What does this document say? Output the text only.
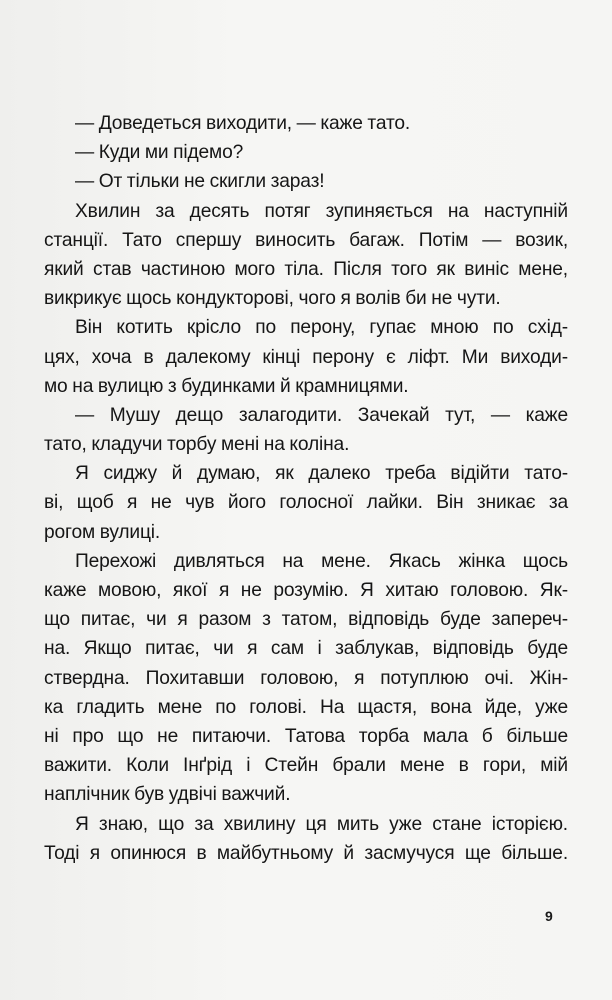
— Доведеться виходити, — каже тато.
— Куди ми підемо?
— От тільки не скигли зараз!
Хвилин за десять потяг зупиняється на наступній
станції. Тато спершу виносить багаж. Потім — возик,
який став частиною мого тіла. Після того як виніс мене,
викрикує щось кондукторові, чого я волів би не чути.
Він котить крісло по перону, гупає мною по схід-
цях, хоча в далекому кінці перону є ліфт. Ми виходи-
мо на вулицю з будинками й крамницями.
— Мушу дещо залагодити. Зачекай тут, — каже
тато, кладучи торбу мені на коліна.
Я сиджу й думаю, як далеко треба відійти тато-
ві, щоб я не чув його голосної лайки. Він зникає за
рогом вулиці.
Перехожі дивляться на мене. Якась жінка щось
каже мовою, якої я не розумію. Я хитаю головою. Як-
що питає, чи я разом з татом, відповідь буде запереч-
на. Якщо питає, чи я сам і заблукав, відповідь буде
ствердна. Похитавши головою, я потуплюю очі. Жін-
ка гладить мене по голові. На щастя, вона йде, уже
ні про що не питаючи. Татова торба мала б більше
важити. Коли Інґрід і Стейн брали мене в гори, мій
наплічник був удвічі важчий.
Я знаю, що за хвилину ця мить уже стане історією.
Тоді я опинюся в майбутньому й засмучуся ще більше.
9
